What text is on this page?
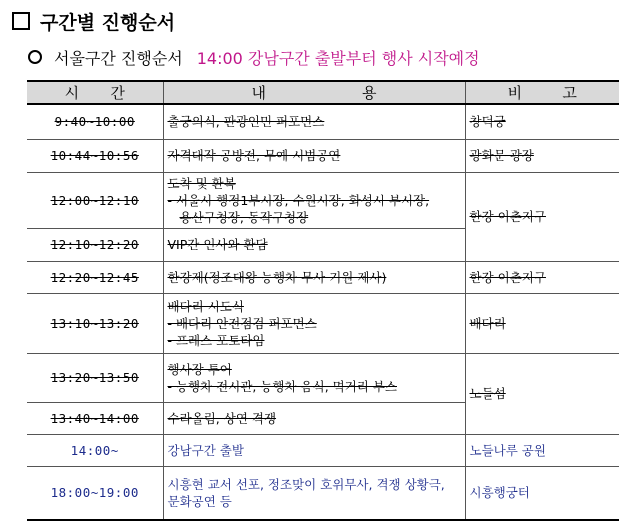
구간별 진행순서
서울구간 진행순서 14:00 강남구간 출발부터 행사 시작예정
시 간	내 용	비 고

9:40~10:00	출궁의식, 판광인민 퍼포먼스	창덕궁
10:44~10:56	자격대작 공방전, 무예 시범공연	광화문 광장
12:00~12:10	도착 및 환복
- 서울시 행정1부시장, 수원시장, 화성시 부시장,
용산구청장, 동작구청장	한강 이촌지구
12:10~12:20	VIP간 인사와 환담	

12:20~12:45	한강제(정조대왕 능행차 무사 기원 제사)	한강 이촌지구
13:10~13:20	배다리 시도식
- 배다리 안전점검 퍼포먼스
- 프레스 포토타임	배다리
13:20~13:50	행사장 투어
- 능행차 전시관, 능행차 음식, 먹거리 부스	노들섬
13:40~14:00	수라올림, 상연 격쟁	

14:00~	강남구간 출발	노들나루 공원
18:00~19:00	시흥현 교서 선포, 정조맞이 호위무사, 격쟁 상황극,
문화공연 등	시흥행궁터
